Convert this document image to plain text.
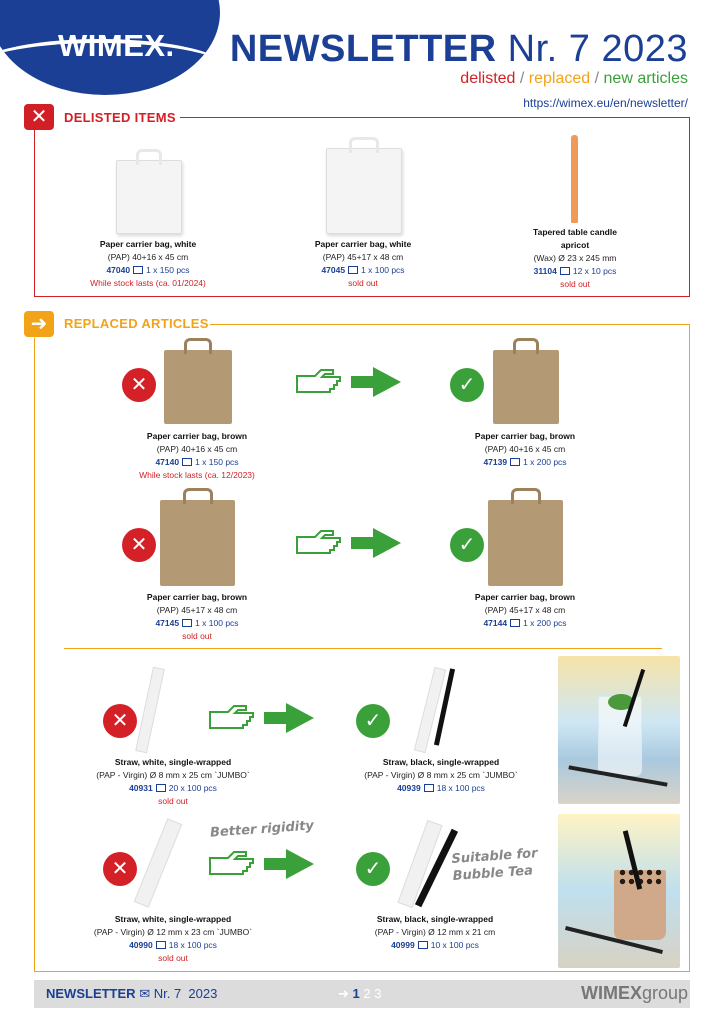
WIMEX. NEWSLETTER Nr. 7 2023
delisted / replaced / new articles
https://wimex.eu/en/newsletter/
✕	DELISTED ITEMS
Paper carrier bag, white
(PAP) 40+16 x 45 cm
47040 1 x 150 pcs
While stock lasts (ca. 01/2024)
Paper carrier bag, white
(PAP) 45+17 x 48 cm
47045 1 x 100 pcs
sold out
Tapered table candle apricot
(Wax) Ø 23 x 245 mm
31104 12 x 10 pcs
sold out
➜	REPLACED ARTICLES
✕	✓
Paper carrier bag, brown
(PAP) 40+16 x 45 cm
47140 1 x 150 pcs
While stock lasts (ca. 12/2023)
Paper carrier bag, brown
(PAP) 40+16 x 45 cm
47139 1 x 200 pcs
✕	✓
Paper carrier bag, brown
(PAP) 45+17 x 48 cm
47145 1 x 100 pcs
sold out
Paper carrier bag, brown
(PAP) 45+17 x 48 cm
47144 1 x 200 pcs
✕	✓
Straw, white, single-wrapped
(PAP - Virgin) Ø 8 mm x 25 cm `JUMBO`
40931 20 x 100 pcs
sold out
Straw, black, single-wrapped
(PAP - Virgin) Ø 8 mm x 25 cm `JUMBO`
40939 18 x 100 pcs
Better rigidity
✕	✓
Suitable for
Bubble Tea
Straw, white, single-wrapped
(PAP - Virgin) Ø 12 mm x 23 cm `JUMBO`
40990 18 x 100 pcs
sold out
Straw, black, single-wrapped
(PAP - Virgin) Ø 12 mm x 21 cm
40999 10 x 100 pcs
NEWSLETTER ✉ Nr. 7  2023	➜ 1 2 3	WIMEXgroup
